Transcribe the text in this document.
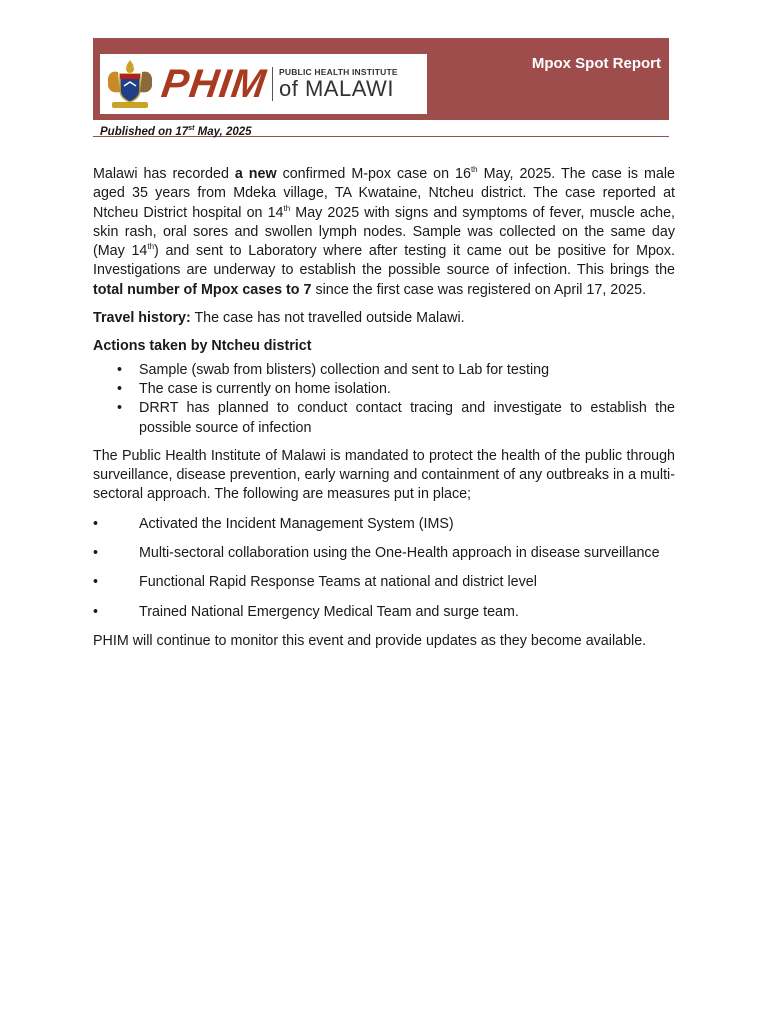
PHIM PUBLIC HEALTH INSTITUTE
of MALAWI
Mpox Spot Report
Published on 17st May, 2025

Malawi has recorded a new confirmed M-pox case on 16th May, 2025. The case is male aged 35 years from Mdeka village, TA Kwataine, Ntcheu district. The case reported at Ntcheu District hospital on 14th May 2025 with signs and symptoms of fever, muscle ache, skin rash, oral sores and swollen lymph nodes. Sample was collected on the same day (May 14th) and sent to Laboratory where after testing it came out be positive for Mpox. Investigations are underway to establish the possible source of infection. This brings the total number of Mpox cases to 7 since the first case was registered on April 17, 2025.

Travel history: The case has not travelled outside Malawi.

Actions taken by Ntcheu district

• Sample (swab from blisters) collection and sent to Lab for testing
• The case is currently on home isolation.
• DRRT has planned to conduct contact tracing and investigate to establish the possible source of infection

The Public Health Institute of Malawi is mandated to protect the health of the public through surveillance, disease prevention, early warning and containment of any outbreaks in a multi-sectoral approach. The following are measures put in place;

• Activated the Incident Management System (IMS)
• Multi-sectoral collaboration using the One-Health approach in disease surveillance
• Functional Rapid Response Teams at national and district level
• Trained National Emergency Medical Team and surge team.

PHIM will continue to monitor this event and provide updates as they become available.
